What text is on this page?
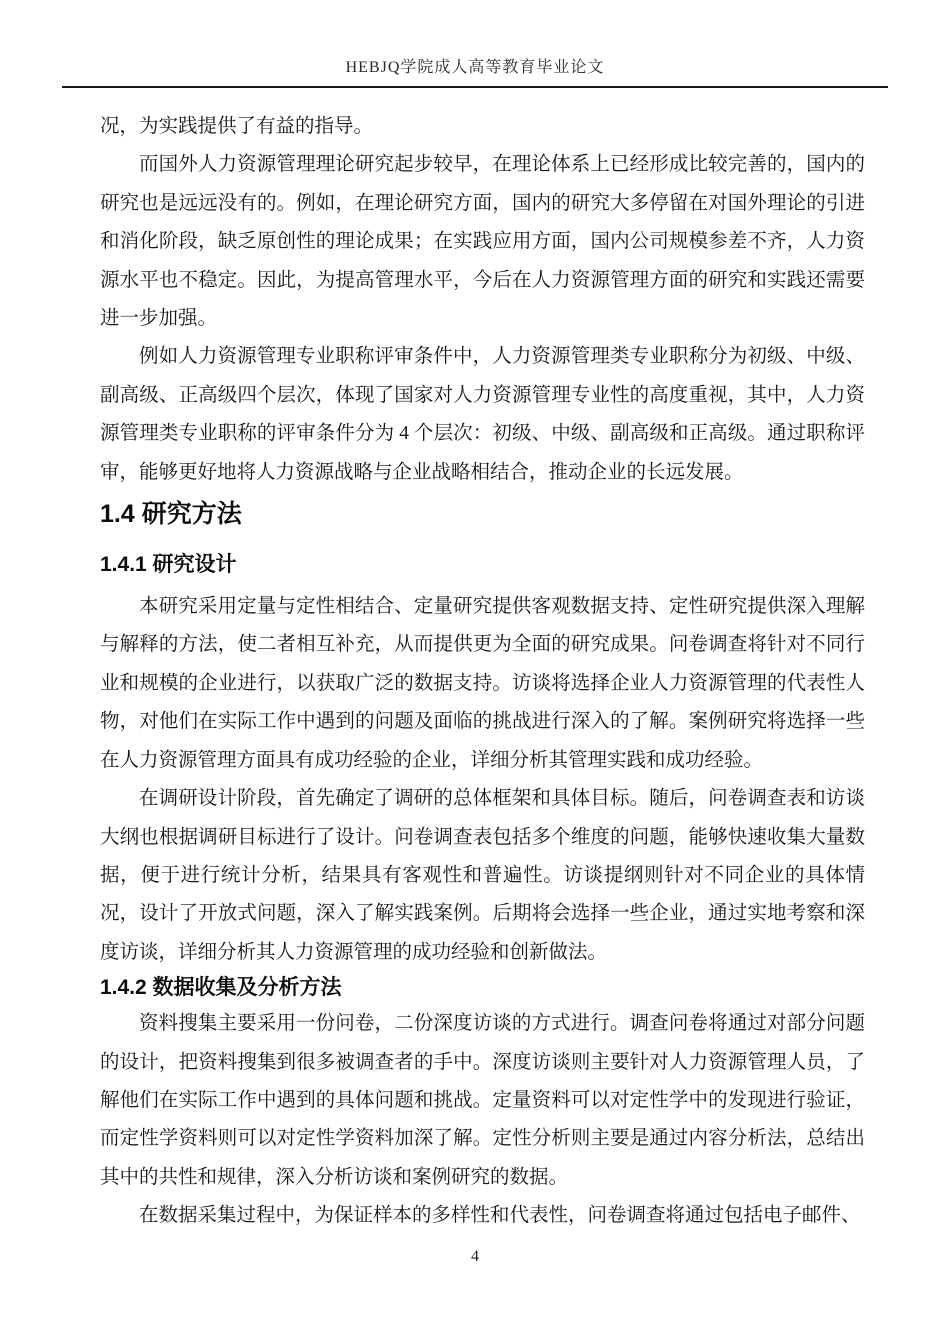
HEBJQ学院成人高等教育毕业论文

况，为实践提供了有益的指导。

而国外人力资源管理理论研究起步较早，在理论体系上已经形成比较完善的，国内的研究也是远远没有的。例如，在理论研究方面，国内的研究大多停留在对国外理论的引进和消化阶段，缺乏原创性的理论成果；在实践应用方面，国内公司规模参差不齐，人力资源水平也不稳定。因此，为提高管理水平，今后在人力资源管理方面的研究和实践还需要进一步加强。

例如人力资源管理专业职称评审条件中，人力资源管理类专业职称分为初级、中级、副高级、正高级四个层次，体现了国家对人力资源管理专业性的高度重视，其中，人力资源管理类专业职称的评审条件分为 4 个层次：初级、中级、副高级和正高级。通过职称评审，能够更好地将人力资源战略与企业战略相结合，推动企业的长远发展。

1.4 研究方法
1.4.1 研究设计

本研究采用定量与定性相结合、定量研究提供客观数据支持、定性研究提供深入理解与解释的方法，使二者相互补充，从而提供更为全面的研究成果。问卷调查将针对不同行业和规模的企业进行，以获取广泛的数据支持。访谈将选择企业人力资源管理的代表性人物，对他们在实际工作中遇到的问题及面临的挑战进行深入的了解。案例研究将选择一些在人力资源管理方面具有成功经验的企业，详细分析其管理实践和成功经验。

在调研设计阶段，首先确定了调研的总体框架和具体目标。随后，问卷调查表和访谈大纲也根据调研目标进行了设计。问卷调查表包括多个维度的问题，能够快速收集大量数据，便于进行统计分析，结果具有客观性和普遍性。访谈提纲则针对不同企业的具体情况，设计了开放式问题，深入了解实践案例。后期将会选择一些企业，通过实地考察和深度访谈，详细分析其人力资源管理的成功经验和创新做法。

1.4.2 数据收集及分析方法

资料搜集主要采用一份问卷，二份深度访谈的方式进行。调查问卷将通过对部分问题的设计，把资料搜集到很多被调查者的手中。深度访谈则主要针对人力资源管理人员，了解他们在实际工作中遇到的具体问题和挑战。定量资料可以对定性学中的发现进行验证，而定性学资料则可以对定性学资料加深了解。定性分析则主要是通过内容分析法，总结出其中的共性和规律，深入分析访谈和案例研究的数据。

在数据采集过程中，为保证样本的多样性和代表性，问卷调查将通过包括电子邮件、

4
